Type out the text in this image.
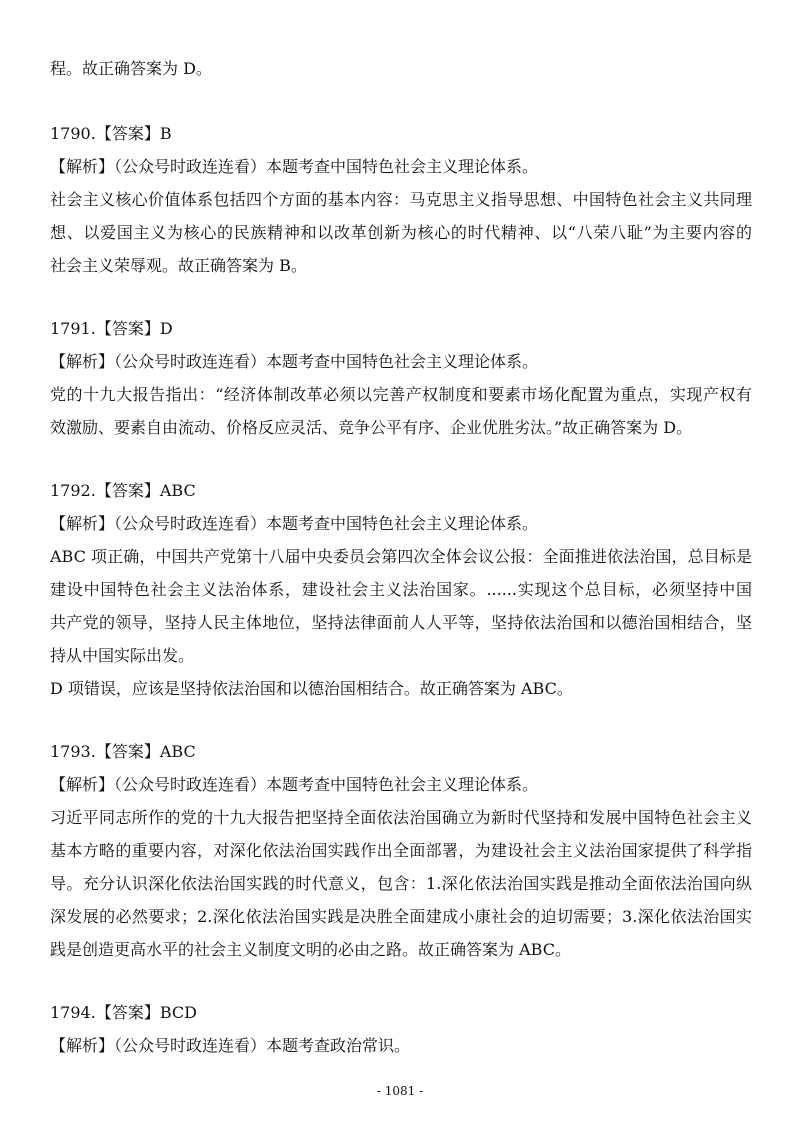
程。故正确答案为 D。
1790.【答案】B
【解析】（公众号时政连连看）本题考查中国特色社会主义理论体系。
社会主义核心价值体系包括四个方面的基本内容：马克思主义指导思想、中国特色社会主义共同理
想、以爱国主义为核心的民族精神和以改革创新为核心的时代精神、以“八荣八耻”为主要内容的
社会主义荣辱观。故正确答案为 B。
1791.【答案】D
【解析】（公众号时政连连看）本题考查中国特色社会主义理论体系。
党的十九大报告指出：“经济体制改革必须以完善产权制度和要素市场化配置为重点，实现产权有
效激励、要素自由流动、价格反应灵活、竞争公平有序、企业优胜劣汰。”故正确答案为 D。
1792.【答案】ABC
【解析】（公众号时政连连看）本题考查中国特色社会主义理论体系。
ABC 项正确，中国共产党第十八届中央委员会第四次全体会议公报：全面推进依法治国，总目标是
建设中国特色社会主义法治体系，建设社会主义法治国家。......实现这个总目标，必须坚持中国
共产党的领导，坚持人民主体地位，坚持法律面前人人平等，坚持依法治国和以德治国相结合，坚
持从中国实际出发。
D 项错误，应该是坚持依法治国和以德治国相结合。故正确答案为 ABC。
1793.【答案】ABC
【解析】（公众号时政连连看）本题考查中国特色社会主义理论体系。
习近平同志所作的党的十九大报告把坚持全面依法治国确立为新时代坚持和发展中国特色社会主义
基本方略的重要内容，对深化依法治国实践作出全面部署，为建设社会主义法治国家提供了科学指
导。充分认识深化依法治国实践的时代意义，包含：1.深化依法治国实践是推动全面依法治国向纵
深发展的必然要求；2.深化依法治国实践是决胜全面建成小康社会的迫切需要；3.深化依法治国实
践是创造更高水平的社会主义制度文明的必由之路。故正确答案为 ABC。
1794.【答案】BCD
【解析】（公众号时政连连看）本题考查政治常识。
- 1081 -
